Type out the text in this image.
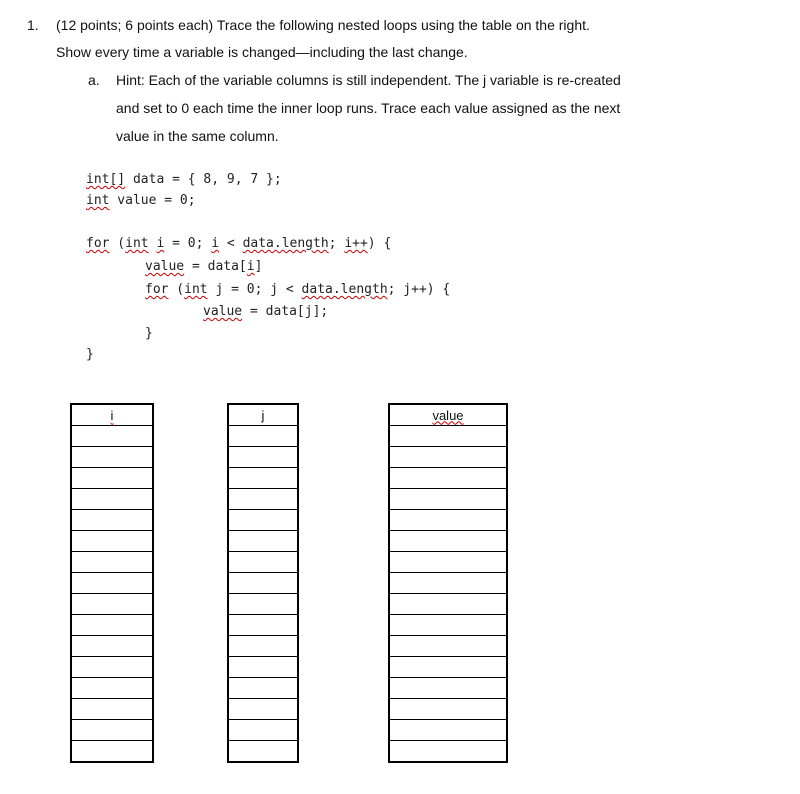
1. (12 points; 6 points each) Trace the following nested loops using the table on the right.
Show every time a variable is changed—including the last change.
a. Hint: Each of the variable columns is still independent. The j variable is re-created
and set to 0 each time the inner loop runs. Trace each value assigned as the next
value in the same column.
int[] data = { 8, 9, 7 };
int value = 0;
for (int i = 0; i < data.length; i++) {
value = data[i]
for (int j = 0; j < data.length; j++) {
value = data[j];
}
}
i	j	value
